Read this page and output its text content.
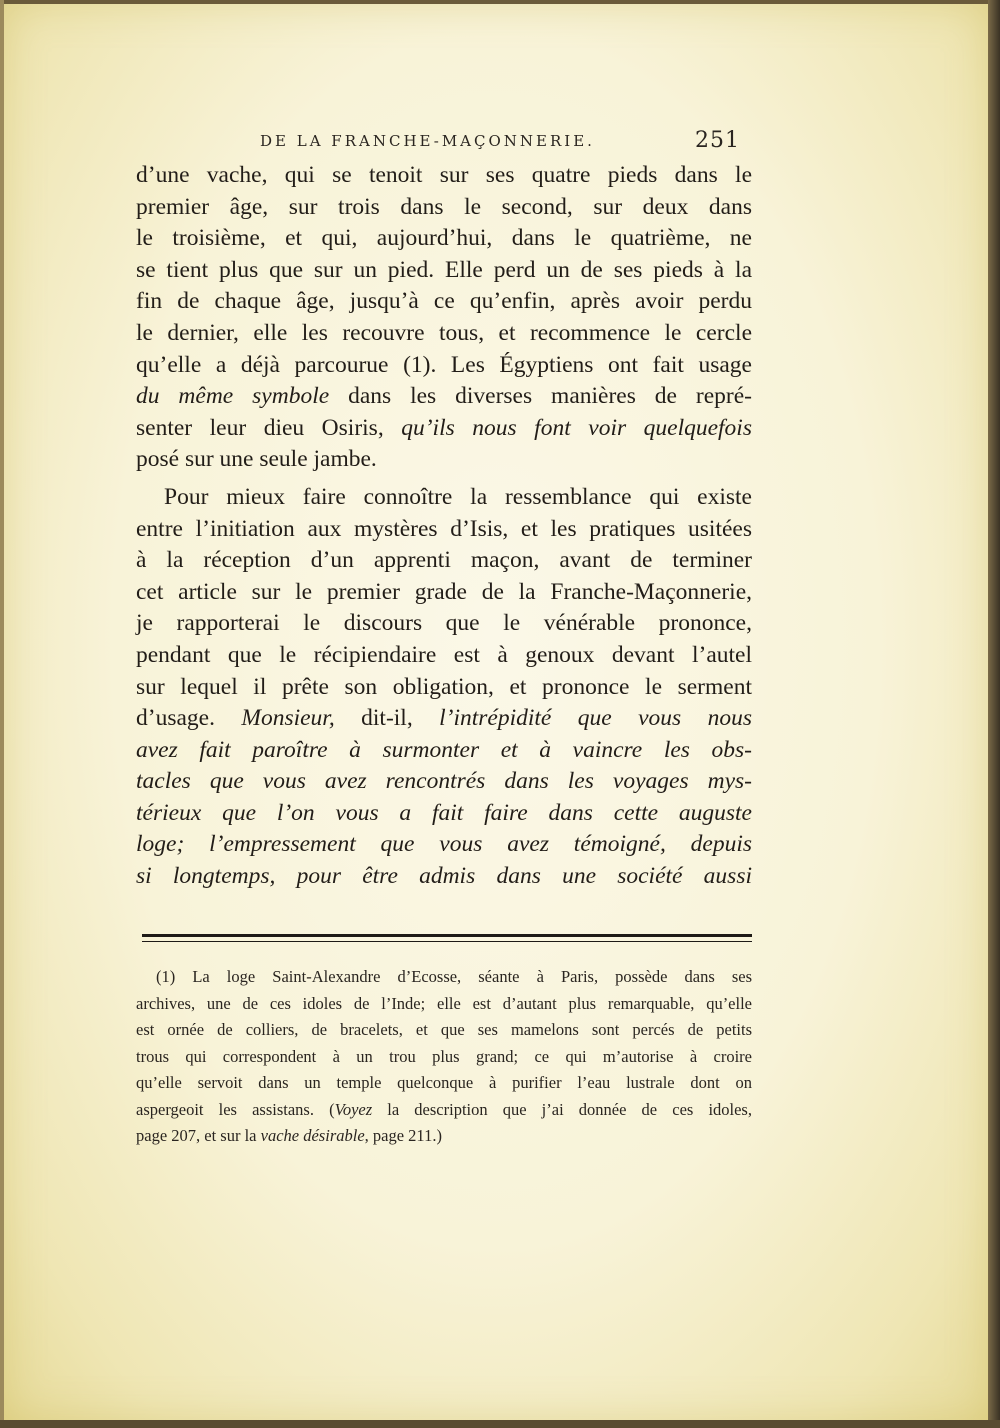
DE LA FRANCHE-MAÇONNERIE.	251
d’une vache, qui se tenoit sur ses quatre pieds dans le
premier âge, sur trois dans le second, sur deux dans
le troisième, et qui, aujourd’hui, dans le quatrième, ne
se tient plus que sur un pied. Elle perd un de ses pieds à la
fin de chaque âge, jusqu’à ce qu’enfin, après avoir perdu
le dernier, elle les recouvre tous, et recommence le cercle
qu’elle a déjà parcourue (1). Les Égyptiens ont fait usage
du même symbole dans les diverses manières de repré-
senter leur dieu Osiris, qu’ils nous font voir quelquefois
posé sur une seule jambe.
Pour mieux faire connoître la ressemblance qui existe
entre l’initiation aux mystères d’Isis, et les pratiques usitées
à la réception d’un apprenti maçon, avant de terminer
cet article sur le premier grade de la Franche-Maçonnerie,
je rapporterai le discours que le vénérable prononce,
pendant que le récipiendaire est à genoux devant l’autel
sur lequel il prête son obligation, et prononce le serment
d’usage. Monsieur, dit-il, l’intrépidité que vous nous
avez fait paroître à surmonter et à vaincre les obs-
tacles que vous avez rencontrés dans les voyages mys-
térieux que l’on vous a fait faire dans cette auguste
loge; l’empressement que vous avez témoigné, depuis
si longtemps, pour être admis dans une société aussi
(1) La loge Saint-Alexandre d’Ecosse, séante à Paris, possède dans ses
archives, une de ces idoles de l’Inde; elle est d’autant plus remarquable, qu’elle
est ornée de colliers, de bracelets, et que ses mamelons sont percés de petits
trous qui correspondent à un trou plus grand; ce qui m’autorise à croire
qu’elle servoit dans un temple quelconque à purifier l’eau lustrale dont on
aspergeoit les assistans. (Voyez la description que j’ai donnée de ces idoles,
page 207, et sur la vache désirable, page 211.)
